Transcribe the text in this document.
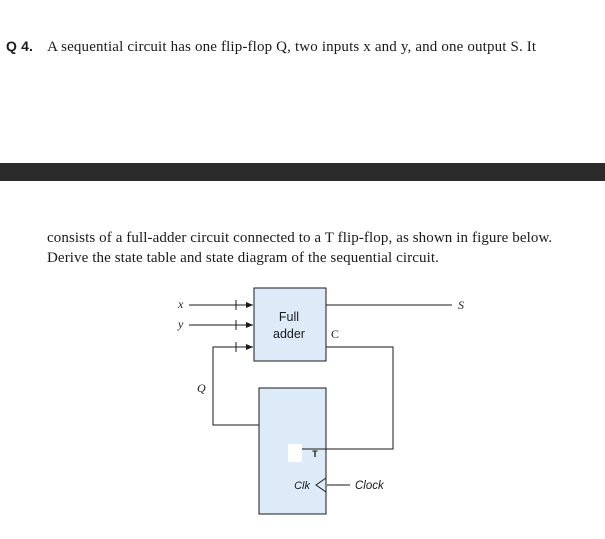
Q 4. A sequential circuit has one flip-flop Q, two inputs x and y, and one output S. It
consists of a full-adder circuit connected to a T flip-flop, as shown in figure below.
Derive the state table and state diagram of the sequential circuit.
Full
adder C
T
Clk
x
y
Q
S
Clock
